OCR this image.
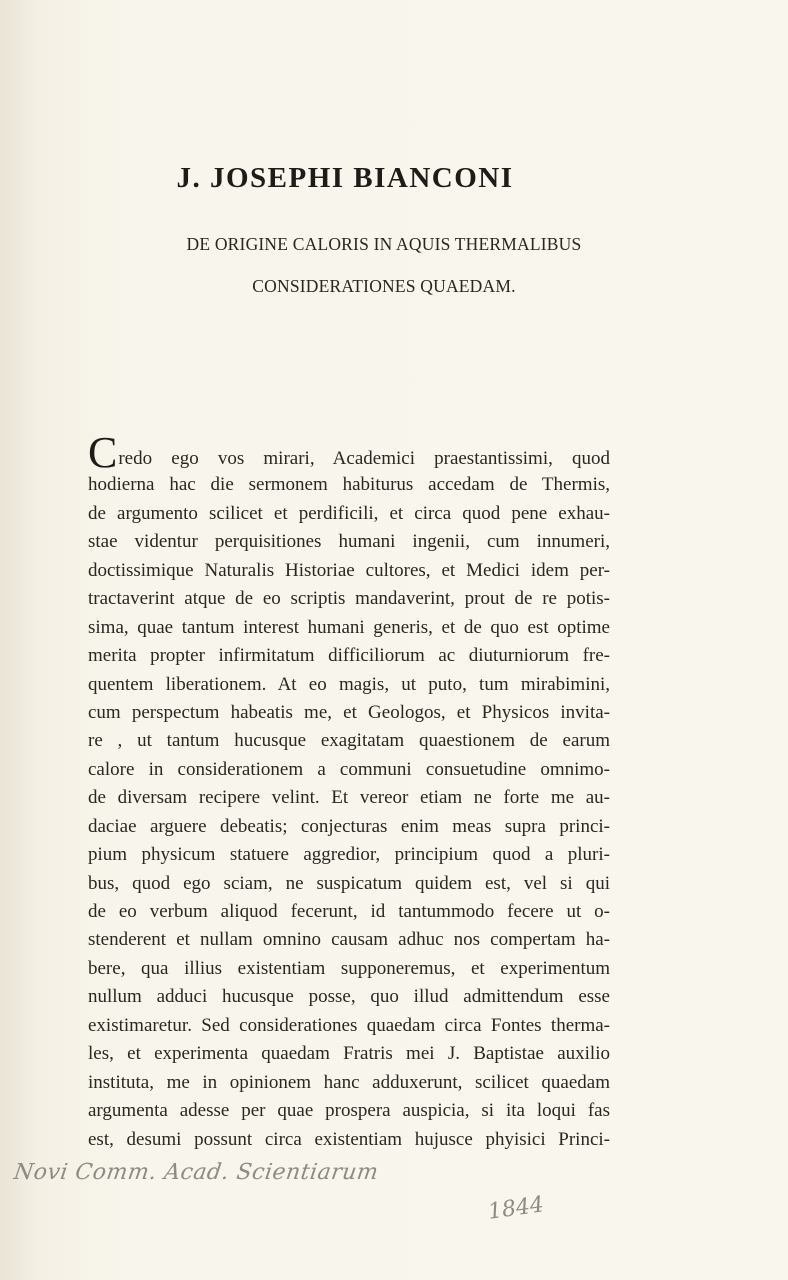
J. JOSEPHI BIANCONI
DE ORIGINE CALORIS IN AQUIS THERMALIBUS
CONSIDERATIONES QUAEDAM.
Credo ego vos mirari, Academici praestantissimi, quod
hodierna hac die sermonem habiturus accedam de Thermis,
de argumento scilicet et perdificili, et circa quod pene exhau-
stae videntur perquisitiones humani ingenii, cum innumeri,
doctissimique Naturalis Historiae cultores, et Medici idem per-
tractaverint atque de eo scriptis mandaverint, prout de re potis-
sima, quae tantum interest humani generis, et de quo est optime
merita propter infirmitatum difficiliorum ac diuturniorum fre-
quentem liberationem. At eo magis, ut puto, tum mirabimini,
cum perspectum habeatis me, et Geologos, et Physicos invita-
re , ut tantum hucusque exagitatam quaestionem de earum
calore in considerationem a communi consuetudine omnimo-
de diversam recipere velint. Et vereor etiam ne forte me au-
daciae arguere debeatis; conjecturas enim meas supra princi-
pium physicum statuere aggredior, principium quod a pluri-
bus, quod ego sciam, ne suspicatum quidem est, vel si qui
de eo verbum aliquod fecerunt, id tantummodo fecere ut o-
stenderent et nullam omnino causam adhuc nos compertam ha-
bere, qua illius existentiam supponeremus, et experimentum
nullum adduci hucusque posse, quo illud admittendum esse
existimaretur. Sed considerationes quaedam circa Fontes therma-
les, et experimenta quaedam Fratris mei J. Baptistae auxilio
instituta, me in opinionem hanc adduxerunt, scilicet quaedam
argumenta adesse per quae prospera auspicia, si ita loqui fas
est, desumi possunt circa existentiam hujusce phyisici Princi-
Novi Comm. Acad. Scientiarum
1844
